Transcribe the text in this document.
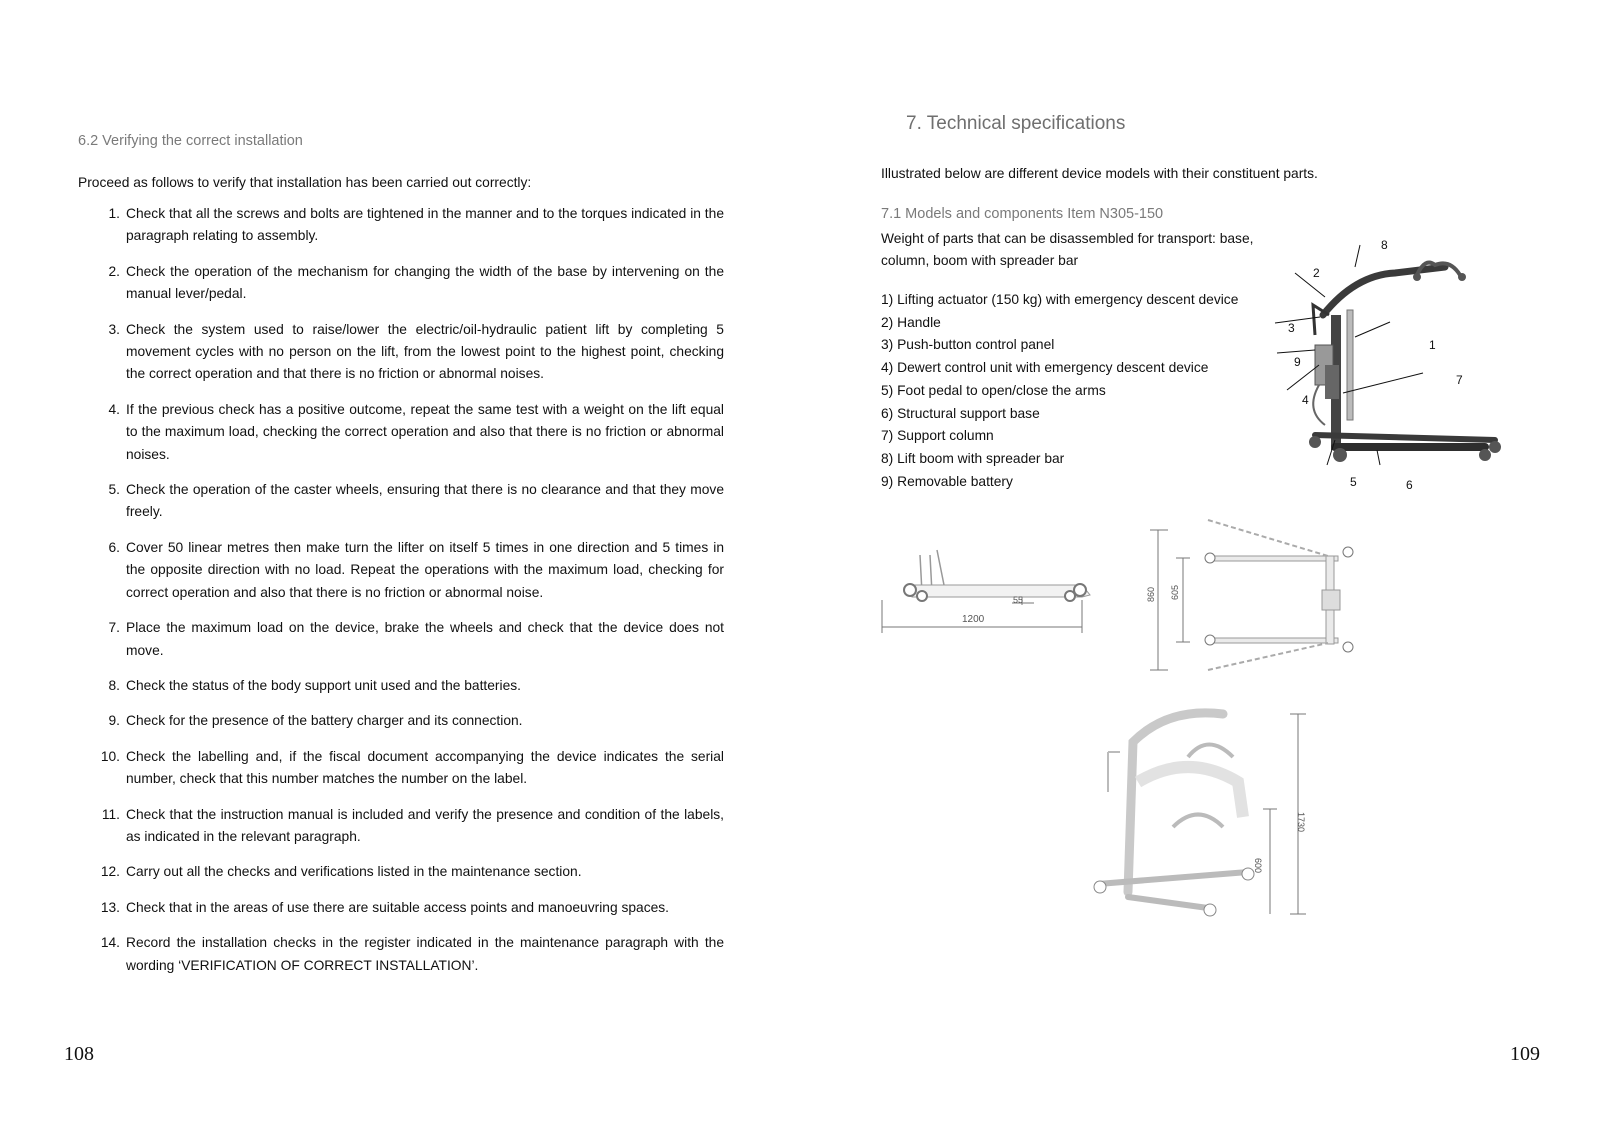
6.2 Verifying the correct installation
Proceed as follows to verify that installation has been carried out correctly:
1. Check that all the screws and bolts are tightened in the manner and to the torques indicated in the paragraph relating to assembly.
2. Check the operation of the mechanism for changing the width of the base by intervening on the manual lever/pedal.
3. Check the system used to raise/lower the electric/oil-hydraulic patient lift by completing 5 movement cycles with no person on the lift, from the lowest point to the highest point, checking the correct operation and that there is no friction or abnormal noises.
4. If the previous check has a positive outcome, repeat the same test with a weight on the lift equal to the maximum load, checking the correct operation and also that there is no friction or abnormal noises.
5. Check the operation of the caster wheels, ensuring that there is no clearance and that they move freely.
6. Cover 50 linear metres then make turn the lifter on itself 5 times in one direction and 5 times in the opposite direction with no load. Repeat the operations with the maximum load, checking for correct operation and also that there is no friction or abnormal noise.
7. Place the maximum load on the device, brake the wheels and check that the device does not move.
8. Check the status of the body support unit used and the batteries.
9. Check for the presence of the battery charger and its connection.
10. Check the labelling and, if the fiscal document accompanying the device indicates the serial number, check that this number matches the number on the label.
11. Check that the instruction manual is included and verify the presence and condition of the labels, as indicated in the relevant paragraph.
12. Carry out all the checks and verifications listed in the maintenance section.
13. Check that in the areas of use there are suitable access points and manoeuvring spaces.
14. Record the installation checks in the register indicated in the maintenance paragraph with the wording ‘VERIFICATION OF CORRECT INSTALLATION’.
108
7. Technical specifications
Illustrated below are different device models with their constituent parts.
7.1 Models and components Item N305-150
Weight of parts that can be disassembled for transport: base,
column, boom with spreader bar
1) Lifting actuator (150 kg) with emergency descent device
2) Handle
3) Push-button control panel
4) Dewert control unit with emergency descent device
5) Foot pedal to open/close the arms
6) Structural support base
7) Support column
8) Lift boom with spreader bar
9) Removable battery
8
2
3
1
9
7
4
5	6
55
1200
860 605
1730
600
109
